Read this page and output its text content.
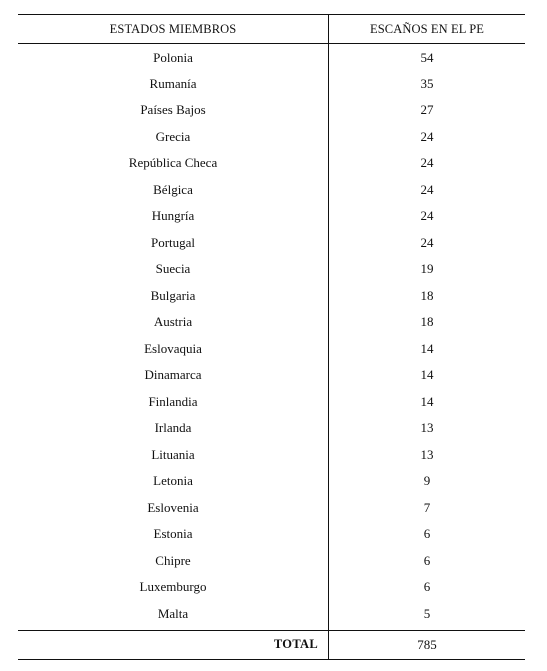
ESTADOS MIEMBROS	ESCAÑOS EN EL PE
Polonia	54
Rumanía	35
Países Bajos	27
Grecia	24
República Checa	24
Bélgica	24
Hungría	24
Portugal	24
Suecia	19
Bulgaria	18
Austria	18
Eslovaquia	14
Dinamarca	14
Finlandia	14
Irlanda	13
Lituania	13
Letonia	9
Eslovenia	7
Estonia	6
Chipre	6
Luxemburgo	6
Malta	5

TOTAL	785
